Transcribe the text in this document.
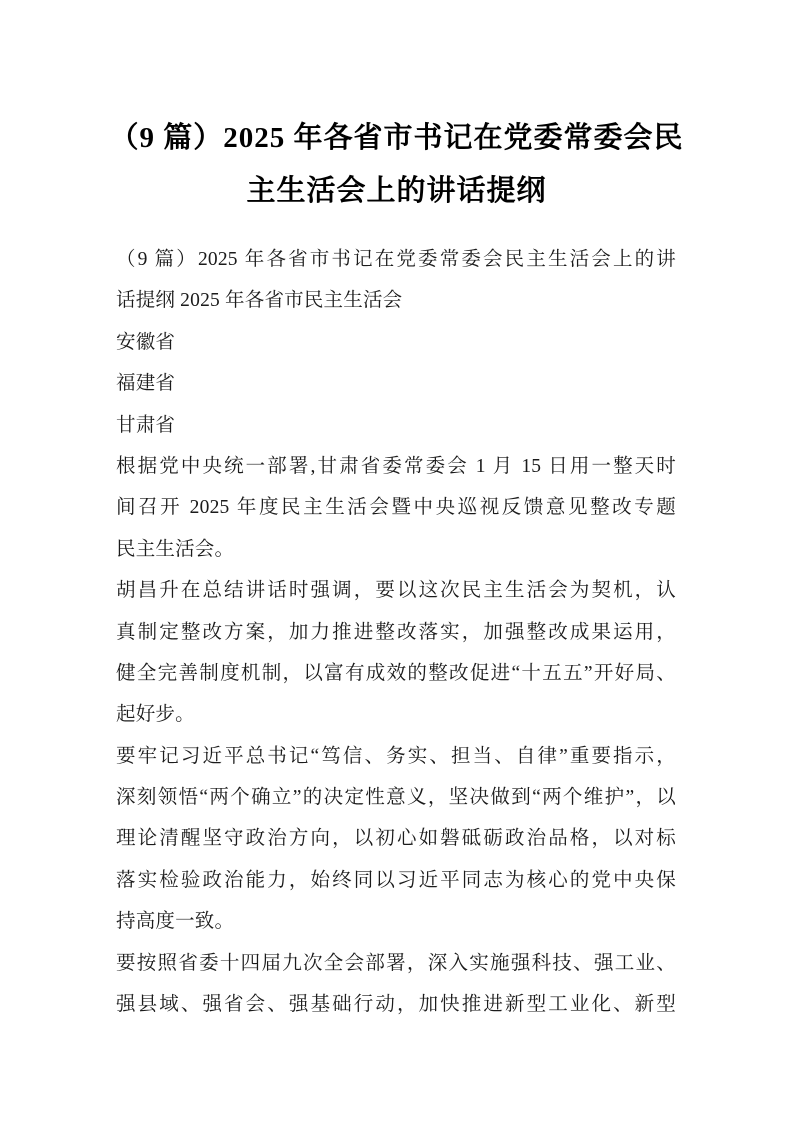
（9 篇）2025 年各省市书记在党委常委会民
主生活会上的讲话提纲
（9 篇）2025 年各省市书记在党委常委会民主生活会上的讲
话提纲 2025 年各省市民主生活会
安徽省
福建省
甘肃省
根据党中央统一部署,甘肃省委常委会 1 月 15 日用一整天时
间召开 2025 年度民主生活会暨中央巡视反馈意见整改专题
民主生活会。
胡昌升在总结讲话时强调，要以这次民主生活会为契机，认
真制定整改方案，加力推进整改落实，加强整改成果运用，
健全完善制度机制，以富有成效的整改促进“十五五”开好局、
起好步。
要牢记习近平总书记“笃信、务实、担当、自律”重要指示，
深刻领悟“两个确立”的决定性意义，坚决做到“两个维护”，以
理论清醒坚守政治方向，以初心如磐砥砺政治品格，以对标
落实检验政治能力，始终同以习近平同志为核心的党中央保
持高度一致。
要按照省委十四届九次全会部署，深入实施强科技、强工业、
强县域、强省会、强基础行动，加快推进新型工业化、新型
